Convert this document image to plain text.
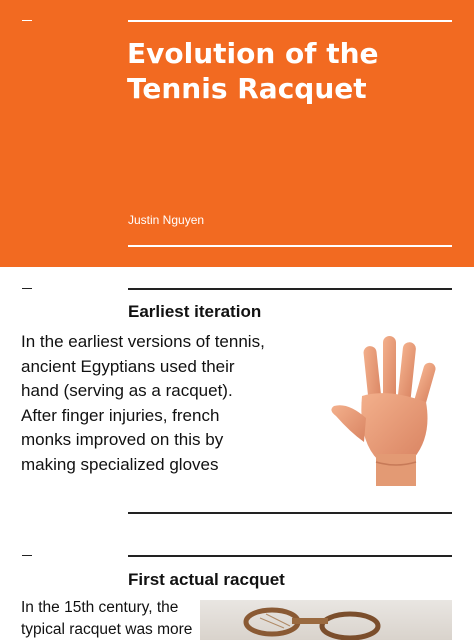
Evolution of the Tennis Racquet
Justin Nguyen
Earliest iteration
In the earliest versions of tennis, ancient Egyptians used their hand (serving as a racquet). After finger injuries, french monks improved on this by making specialized gloves
First actual racquet
In the 15th century, the typical racquet was more
